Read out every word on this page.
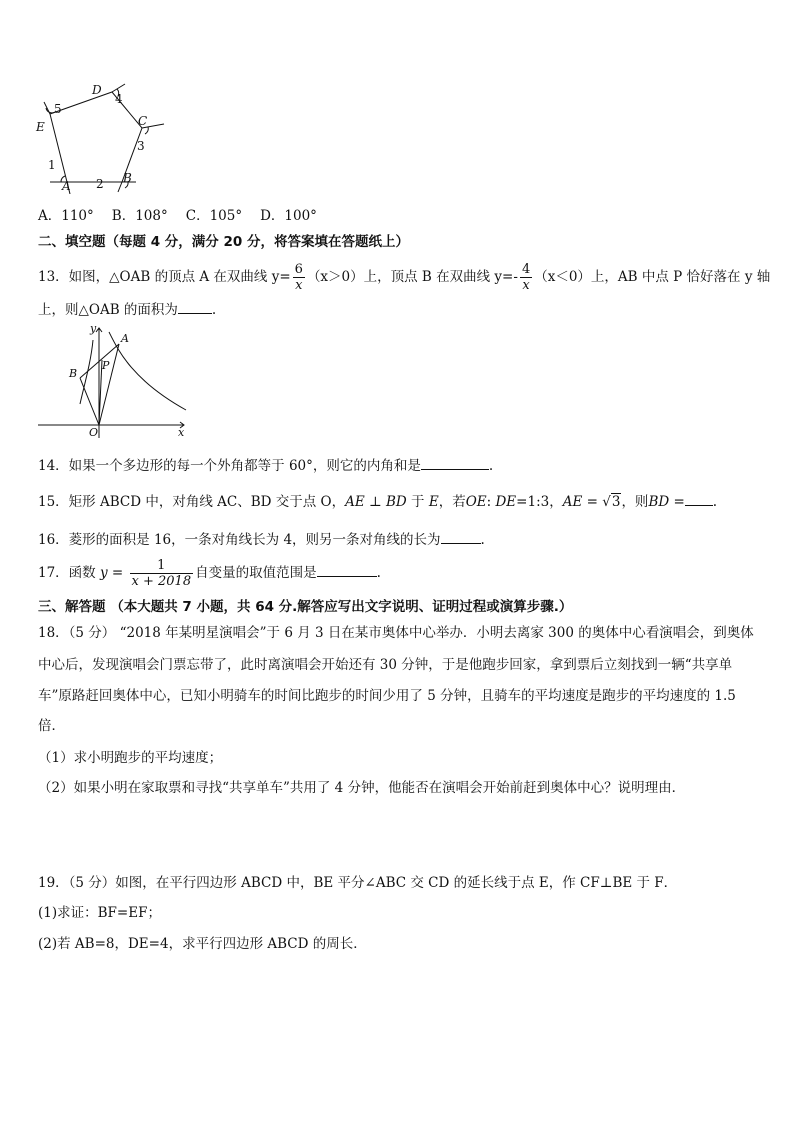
D
E	C
A
B
5
4
1
3
2
A．110° B．108° C．105° D．100°
二、填空题（每题 4 分，满分 20 分，将答案填在答题纸上）
13．如图，△OAB 的顶点 A 在双曲线 $y= \frac{6}{x} (x>0)$上，顶点 B 在双曲线 $y=- \frac{4}{x} (x<0)$上，AB 中点 P 恰好落在 y 轴
上，则△OAB 的面积为	.
y
A
B
P
O	x
14．如果一个多边形的每一个外角都等于 60°，则它的内角和是	.
15．矩形 ABCD 中，对角线 AC、BD 交于点 O，AE ⊥ BD 于 E，若OE: DE=1:3，AE = √3，则BD = .
16．菱形的面积是 16，一条对角线长为 4，则另一条对角线的长为	.
17．函数 $y = \frac{1}{x + 2018}$ 自变量的取值范围是	.
三、解答题 （本大题共 7 小题，共 64 分.解答应写出文字说明、证明过程或演算步骤.）
18．（5 分） “2018 年某明星演唱会”于 6 月 3 日在某市奥体中心举办．小明去离家 300 的奥体中心看演唱会，到奥体
中心后，发现演唱会门票忘带了，此时离演唱会开始还有 30 分钟，于是他跑步回家，拿到票后立刻找到一辆“共享单
车”原路赶回奥体中心，已知小明骑车的时间比跑步的时间少用了 5 分钟，且骑车的平均速度是跑步的平均速度的 1.5
倍．
（1）求小明跑步的平均速度；
（2）如果小明在家取票和寻找“共享单车”共用了 4 分钟，他能否在演唱会开始前赶到奥体中心？说明理由．
19．（5 分）如图，在平行四边形 ABCD 中，BE 平分∠ABC 交 CD 的延长线于点 E，作 CF⊥BE 于 F．
(1)求证：BF=EF；
(2)若 AB=8，DE=4，求平行四边形 ABCD 的周长．
